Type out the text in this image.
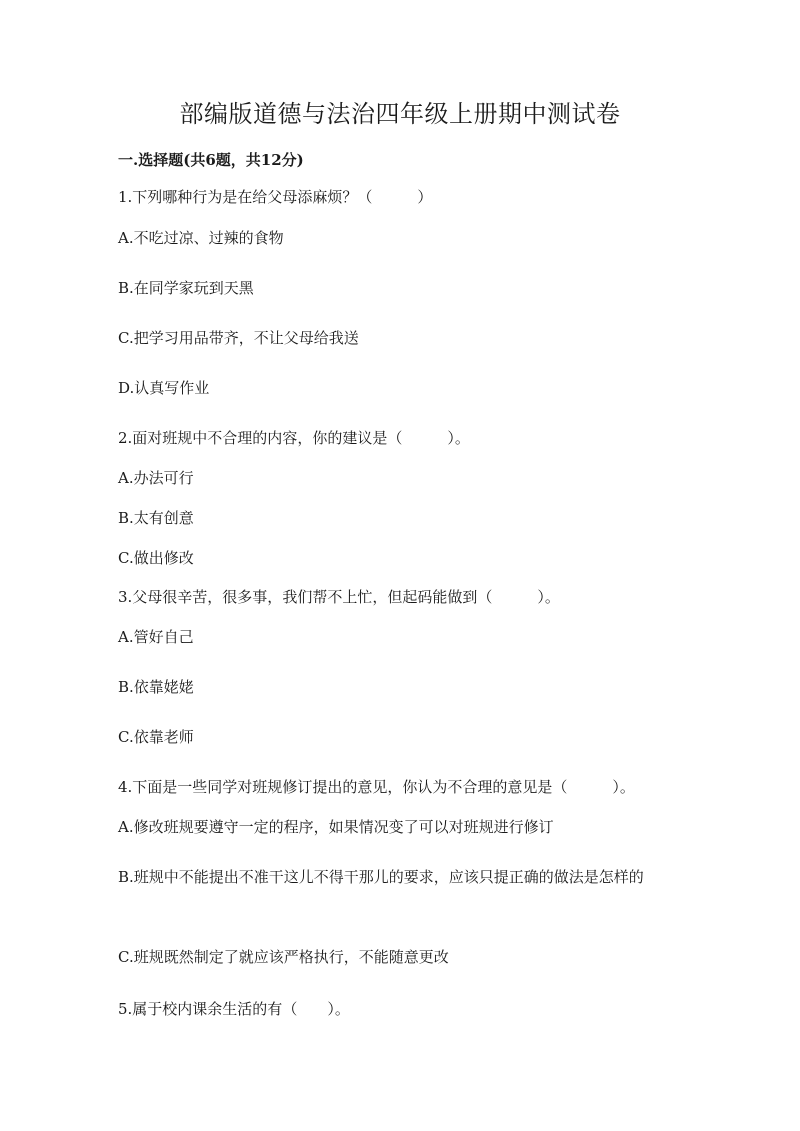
部编版道德与法治四年级上册期中测试卷
一.选择题(共6题，共12分)
1.下列哪种行为是在给父母添麻烦？（　　　）
A.不吃过凉、过辣的食物
B.在同学家玩到天黑
C.把学习用品带齐，不让父母给我送
D.认真写作业
2.面对班规中不合理的内容，你的建议是（　　　）。
A.办法可行
B.太有创意
C.做出修改
3.父母很辛苦，很多事，我们帮不上忙，但起码能做到（　　　）。
A.管好自己
B.依靠姥姥
C.依靠老师
4.下面是一些同学对班规修订提出的意见，你认为不合理的意见是（　　　）。
A.修改班规要遵守一定的程序，如果情况变了可以对班规进行修订
B.班规中不能提出不准干这儿不得干那儿的要求，应该只提正确的做法是怎样的
C.班规既然制定了就应该严格执行，不能随意更改
5.属于校内课余生活的有（　　）。
